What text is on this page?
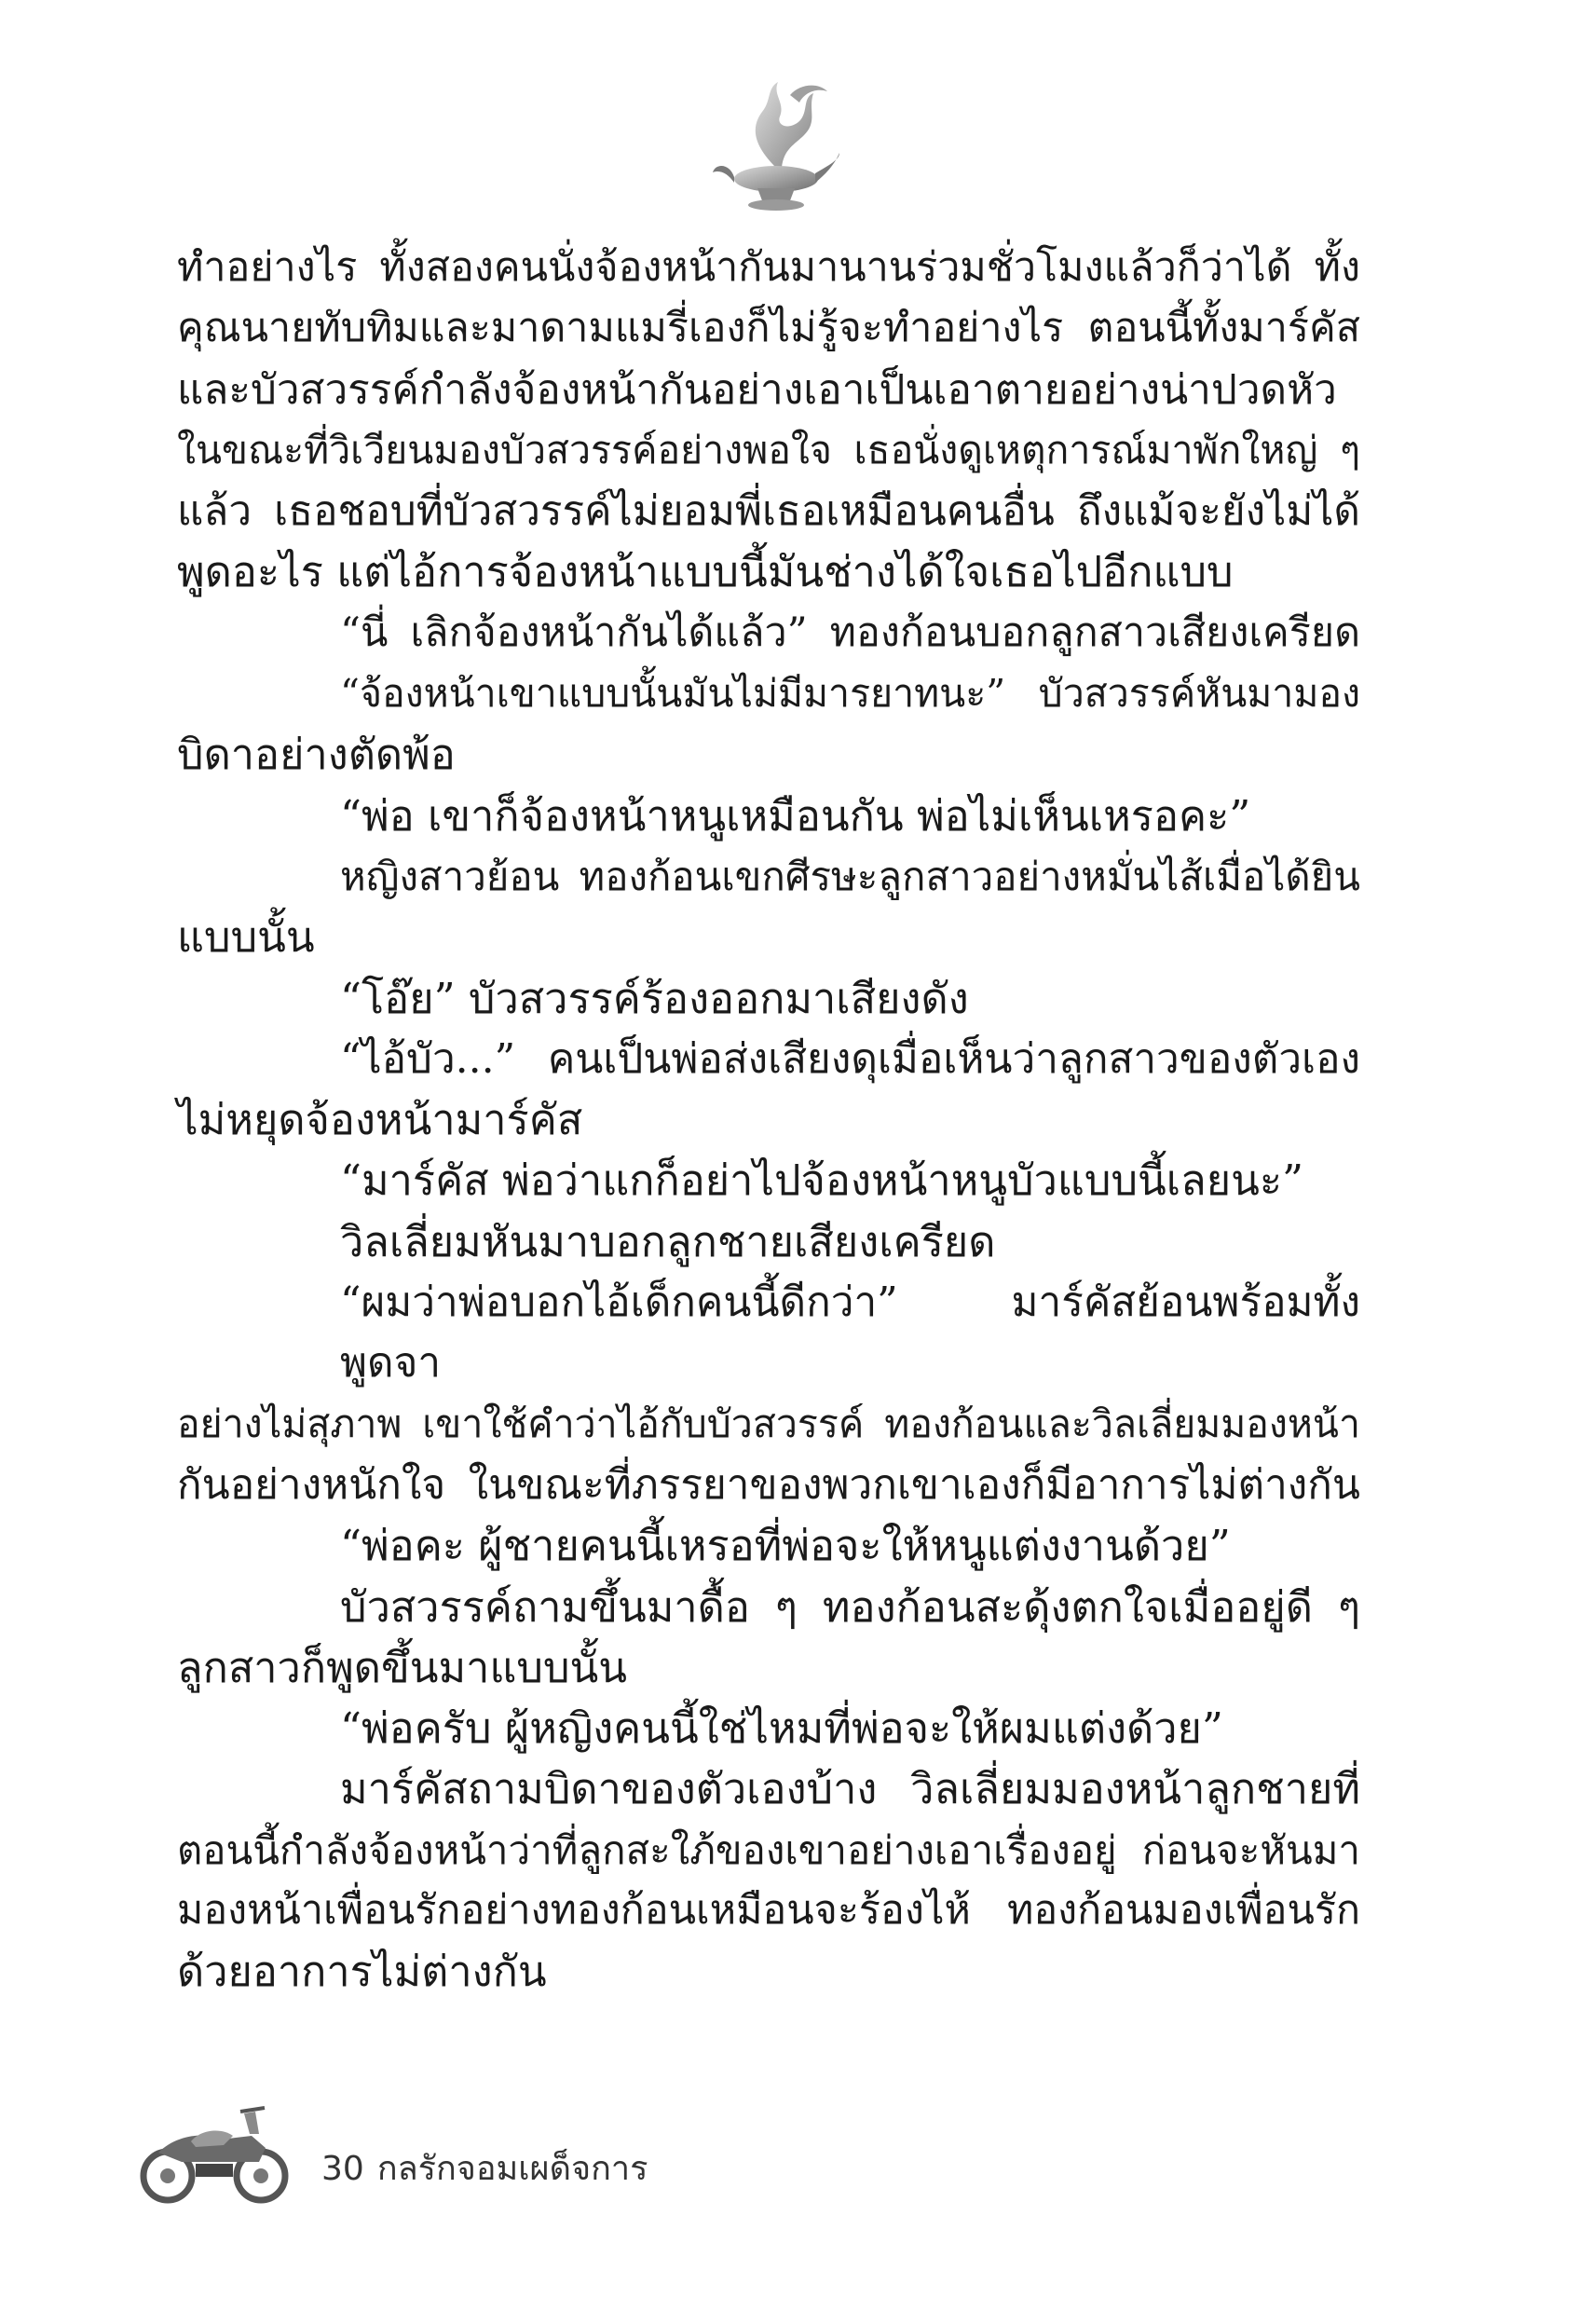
ทำอย่างไร ทั้งสองคนนั่งจ้องหน้ากันมานานร่วมชั่วโมงแล้วก็ว่าได้ ทั้ง

คุณนายทับทิมและมาดามแมรี่เองก็ไม่รู้จะทำอย่างไร ตอนนี้ทั้งมาร์คัส

และบัวสวรรค์กำลังจ้องหน้ากันอย่างเอาเป็นเอาตายอย่างน่าปวดหัว

ในขณะที่วิเวียนมองบัวสวรรค์อย่างพอใจ เธอนั่งดูเหตุการณ์มาพักใหญ่ ๆ

แล้ว เธอชอบที่บัวสวรรค์ไม่ยอมพี่เธอเหมือนคนอื่น ถึงแม้จะยังไม่ได้

พูดอะไร แต่ไอ้การจ้องหน้าแบบนี้มันช่างได้ใจเธอไปอีกแบบ

“นี่ เลิกจ้องหน้ากันได้แล้ว” ทองก้อนบอกลูกสาวเสียงเครียด

“จ้องหน้าเขาแบบนั้นมันไม่มีมารยาทนะ” บัวสวรรค์หันมามอง

บิดาอย่างตัดพ้อ

“พ่อ เขาก็จ้องหน้าหนูเหมือนกัน พ่อไม่เห็นเหรอคะ”

หญิงสาวย้อน ทองก้อนเขกศีรษะลูกสาวอย่างหมั่นไส้เมื่อได้ยิน

แบบนั้น

“โอ๊ย” บัวสวรรค์ร้องออกมาเสียงดัง

“ไอ้บัว...” คนเป็นพ่อส่งเสียงดุเมื่อเห็นว่าลูกสาวของตัวเอง

ไม่หยุดจ้องหน้ามาร์คัส

“มาร์คัส พ่อว่าแกก็อย่าไปจ้องหน้าหนูบัวแบบนี้เลยนะ”

วิลเลี่ยมหันมาบอกลูกชายเสียงเครียด

“ผมว่าพ่อบอกไอ้เด็กคนนี้ดีกว่า” มาร์คัสย้อนพร้อมทั้งพูดจา

อย่างไม่สุภาพ เขาใช้คำว่าไอ้กับบัวสวรรค์ ทองก้อนและวิลเลี่ยมมองหน้า

กันอย่างหนักใจ ในขณะที่ภรรยาของพวกเขาเองก็มีอาการไม่ต่างกัน

“พ่อคะ ผู้ชายคนนี้เหรอที่พ่อจะให้หนูแต่งงานด้วย”

บัวสวรรค์ถามขึ้นมาดื้อ ๆ ทองก้อนสะดุ้งตกใจเมื่ออยู่ดี ๆ

ลูกสาวก็พูดขึ้นมาแบบนั้น

“พ่อครับ ผู้หญิงคนนี้ใช่ไหมที่พ่อจะให้ผมแต่งด้วย”

มาร์คัสถามบิดาของตัวเองบ้าง วิลเลี่ยมมองหน้าลูกชายที่

ตอนนี้กำลังจ้องหน้าว่าที่ลูกสะใภ้ของเขาอย่างเอาเรื่องอยู่ ก่อนจะหันมา

มองหน้าเพื่อนรักอย่างทองก้อนเหมือนจะร้องไห้ ทองก้อนมองเพื่อนรัก

ด้วยอาการไม่ต่างกัน

30 กลรักจอมเผด็จการ
